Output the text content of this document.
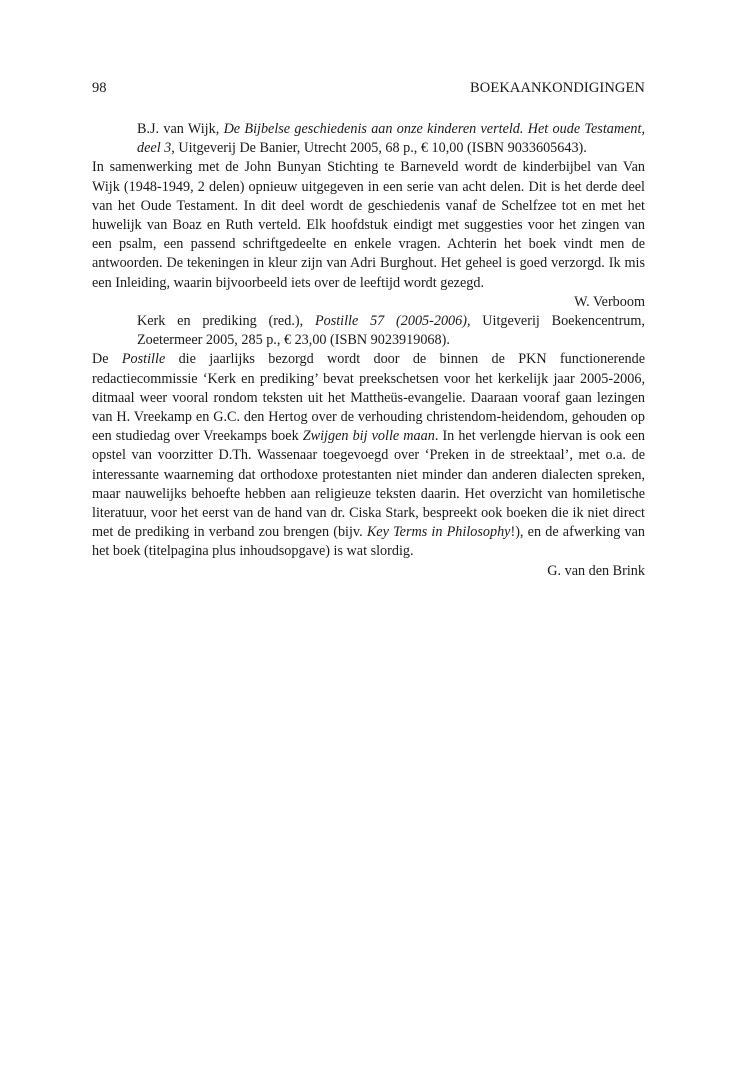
98	BOEKAANKONDIGINGEN
B.J. van Wijk, De Bijbelse geschiedenis aan onze kinderen verteld. Het oude Testament, deel 3, Uitgeverij De Banier, Utrecht 2005, 68 p., € 10,00 (ISBN 9033605643).
In samenwerking met de John Bunyan Stichting te Barneveld wordt de kinderbijbel van Van Wijk (1948-1949, 2 delen) opnieuw uitgegeven in een serie van acht delen. Dit is het derde deel van het Oude Testament. In dit deel wordt de geschiedenis vanaf de Schelfzee tot en met het huwelijk van Boaz en Ruth verteld. Elk hoofdstuk eindigt met suggesties voor het zingen van een psalm, een passend schriftgedeelte en enkele vragen. Achterin het boek vindt men de antwoorden. De tekeningen in kleur zijn van Adri Burghout. Het geheel is goed verzorgd. Ik mis een Inleiding, waarin bijvoorbeeld iets over de leeftijd wordt gezegd.
W. Verboom
Kerk en prediking (red.), Postille 57 (2005-2006), Uitgeverij Boekencentrum, Zoetermeer 2005, 285 p., € 23,00 (ISBN 9023919068).
De Postille die jaarlijks bezorgd wordt door de binnen de PKN functionerende redactiecommissie ‘Kerk en prediking’ bevat preekschetsen voor het kerkelijk jaar 2005-2006, ditmaal weer vooral rondom teksten uit het Mattheüs-evangelie. Daaraan vooraf gaan lezingen van H. Vreekamp en G.C. den Hertog over de verhouding christendom-heidendom, gehouden op een studiedag over Vreekamps boek Zwijgen bij volle maan. In het verlengde hiervan is ook een opstel van voorzitter D.Th. Wassenaar toegevoegd over ‘Preken in de streektaal’, met o.a. de interessante waarneming dat orthodoxe protestanten niet minder dan anderen dialecten spreken, maar nauwelijks behoefte hebben aan religieuze teksten daarin. Het overzicht van homiletische literatuur, voor het eerst van de hand van dr. Ciska Stark, bespreekt ook boeken die ik niet direct met de prediking in verband zou brengen (bijv. Key Terms in Philosophy!), en de afwerking van het boek (titelpagina plus inhoudsopgave) is wat slordig.
G. van den Brink
